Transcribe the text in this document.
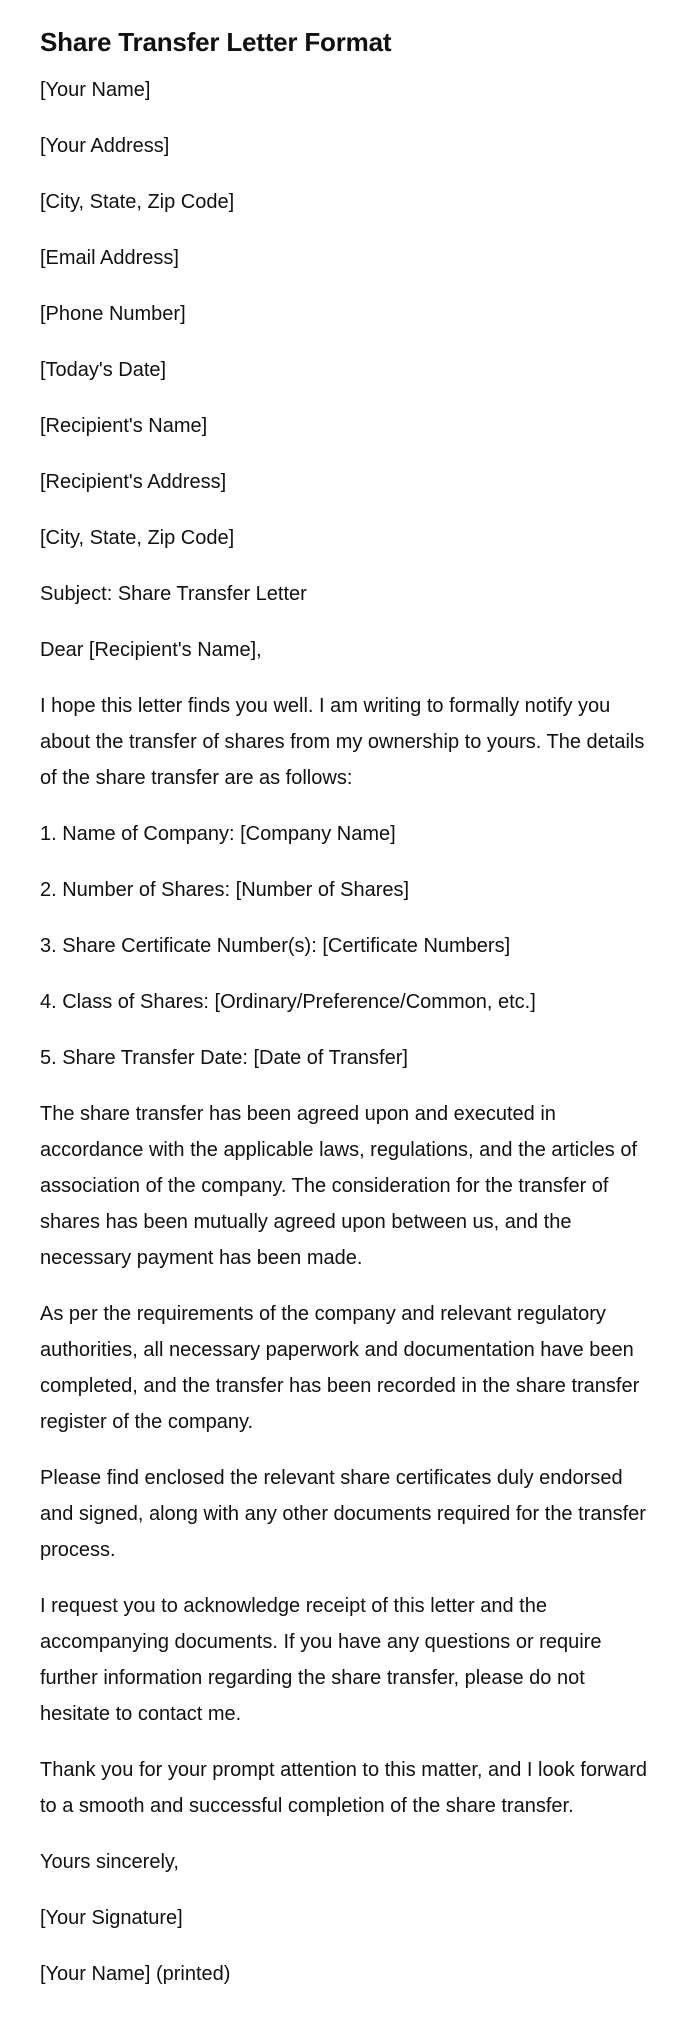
Share Transfer Letter Format
[Your Name]
[Your Address]
[City, State, Zip Code]
[Email Address]
[Phone Number]
[Today's Date]
[Recipient's Name]
[Recipient's Address]
[City, State, Zip Code]
Subject: Share Transfer Letter
Dear [Recipient's Name],
I hope this letter finds you well. I am writing to formally notify you about the transfer of shares from my ownership to yours. The details of the share transfer are as follows:
1. Name of Company: [Company Name]
2. Number of Shares: [Number of Shares]
3. Share Certificate Number(s): [Certificate Numbers]
4. Class of Shares: [Ordinary/Preference/Common, etc.]
5. Share Transfer Date: [Date of Transfer]
The share transfer has been agreed upon and executed in accordance with the applicable laws, regulations, and the articles of association of the company. The consideration for the transfer of shares has been mutually agreed upon between us, and the necessary payment has been made.
As per the requirements of the company and relevant regulatory authorities, all necessary paperwork and documentation have been completed, and the transfer has been recorded in the share transfer register of the company.
Please find enclosed the relevant share certificates duly endorsed and signed, along with any other documents required for the transfer process.
I request you to acknowledge receipt of this letter and the accompanying documents. If you have any questions or require further information regarding the share transfer, please do not hesitate to contact me.
Thank you for your prompt attention to this matter, and I look forward to a smooth and successful completion of the share transfer.
Yours sincerely,
[Your Signature]
[Your Name] (printed)
